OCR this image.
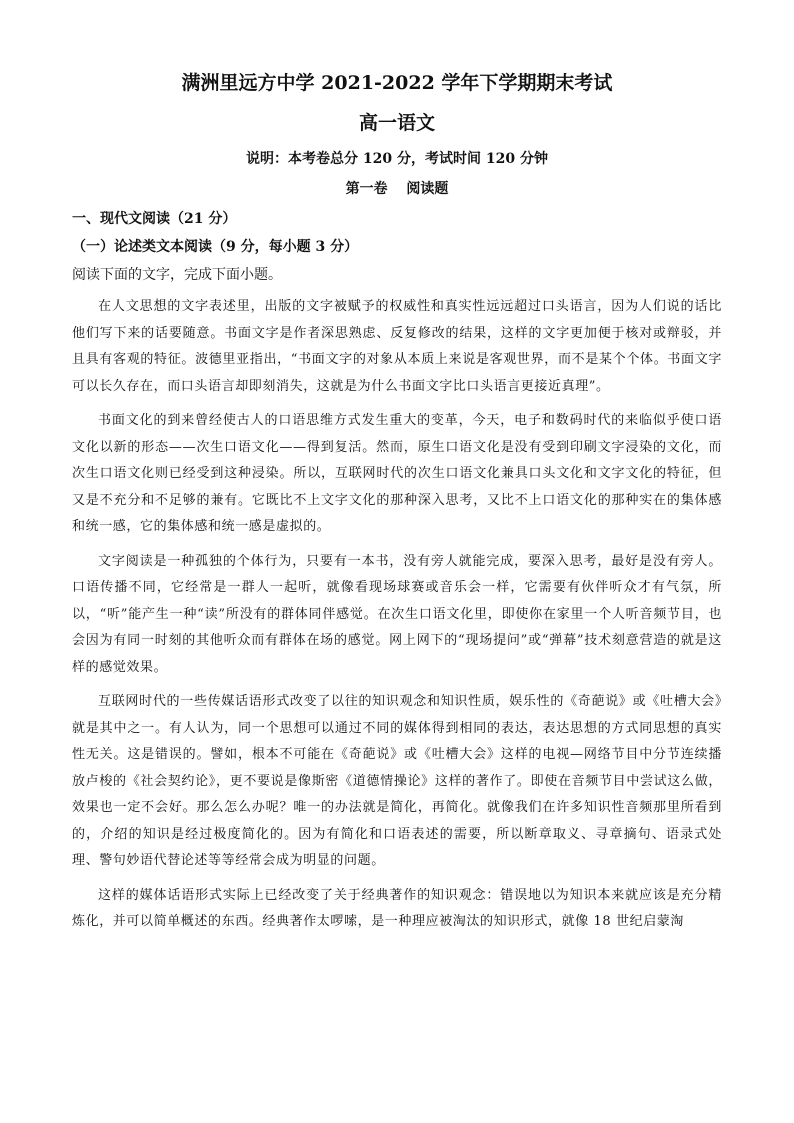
满洲里远方中学 2021-2022 学年下学期期末考试
高一语文
说明：本考卷总分 120 分，考试时间 120 分钟
第一卷 阅读题
一、现代文阅读（21 分）
（一）论述类文本阅读（9 分，每小题 3 分）
阅读下面的文字，完成下面小题。

在人文思想的文字表述里，出版的文字被赋予的权威性和真实性远远超过口头语言，因为人们说的话比他们写下来的话要随意。书面文字是作者深思熟虑、反复修改的结果，这样的文字更加便于核对或辩驳，并且具有客观的特征。波德里亚指出，“书面文字的对象从本质上来说是客观世界，而不是某个个体。书面文字可以长久存在，而口头语言却即刻消失，这就是为什么书面文字比口头语言更接近真理”。

书面文化的到来曾经使古人的口语思维方式发生重大的变革，今天，电子和数码时代的来临似乎使口语文化以新的形态——次生口语文化——得到复活。然而，原生口语文化是没有受到印刷文字浸染的文化，而次生口语文化则已经受到这种浸染。所以，互联网时代的次生口语文化兼具口头文化和文字文化的特征，但又是不充分和不足够的兼有。它既比不上文字文化的那种深入思考，又比不上口语文化的那种实在的集体感和统一感，它的集体感和统一感是虚拟的。

文字阅读是一种孤独的个体行为，只要有一本书，没有旁人就能完成，要深入思考，最好是没有旁人。口语传播不同，它经常是一群人一起听，就像看现场球赛或音乐会一样，它需要有伙伴听众才有气氛，所以，“听”能产生一种“读”所没有的群体同伴感觉。在次生口语文化里，即使你在家里一个人听音频节目，也会因为有同一时刻的其他听众而有群体在场的感觉。网上网下的“现场提问”或“弹幕”技术刻意营造的就是这样的感觉效果。

互联网时代的一些传媒话语形式改变了以往的知识观念和知识性质，娱乐性的《奇葩说》或《吐槽大会》就是其中之一。有人认为，同一个思想可以通过不同的媒体得到相同的表达，表达思想的方式同思想的真实性无关。这是错误的。譬如，根本不可能在《奇葩说》或《吐槽大会》这样的电视—网络节目中分节连续播放卢梭的《社会契约论》，更不要说是像斯密《道德情操论》这样的著作了。即使在音频节目中尝试这么做，效果也一定不会好。那么怎么办呢？唯一的办法就是简化，再简化。就像我们在许多知识性音频那里所看到的，介绍的知识是经过极度简化的。因为有简化和口语表述的需要，所以断章取义、寻章摘句、语录式处理、警句妙语代替论述等等经常会成为明显的问题。

这样的媒体话语形式实际上已经改变了关于经典著作的知识观念：错误地以为知识本来就应该是充分精炼化，并可以简单概述的东西。经典著作太啰嗦，是一种理应被淘汰的知识形式，就像 18 世纪启蒙淘
